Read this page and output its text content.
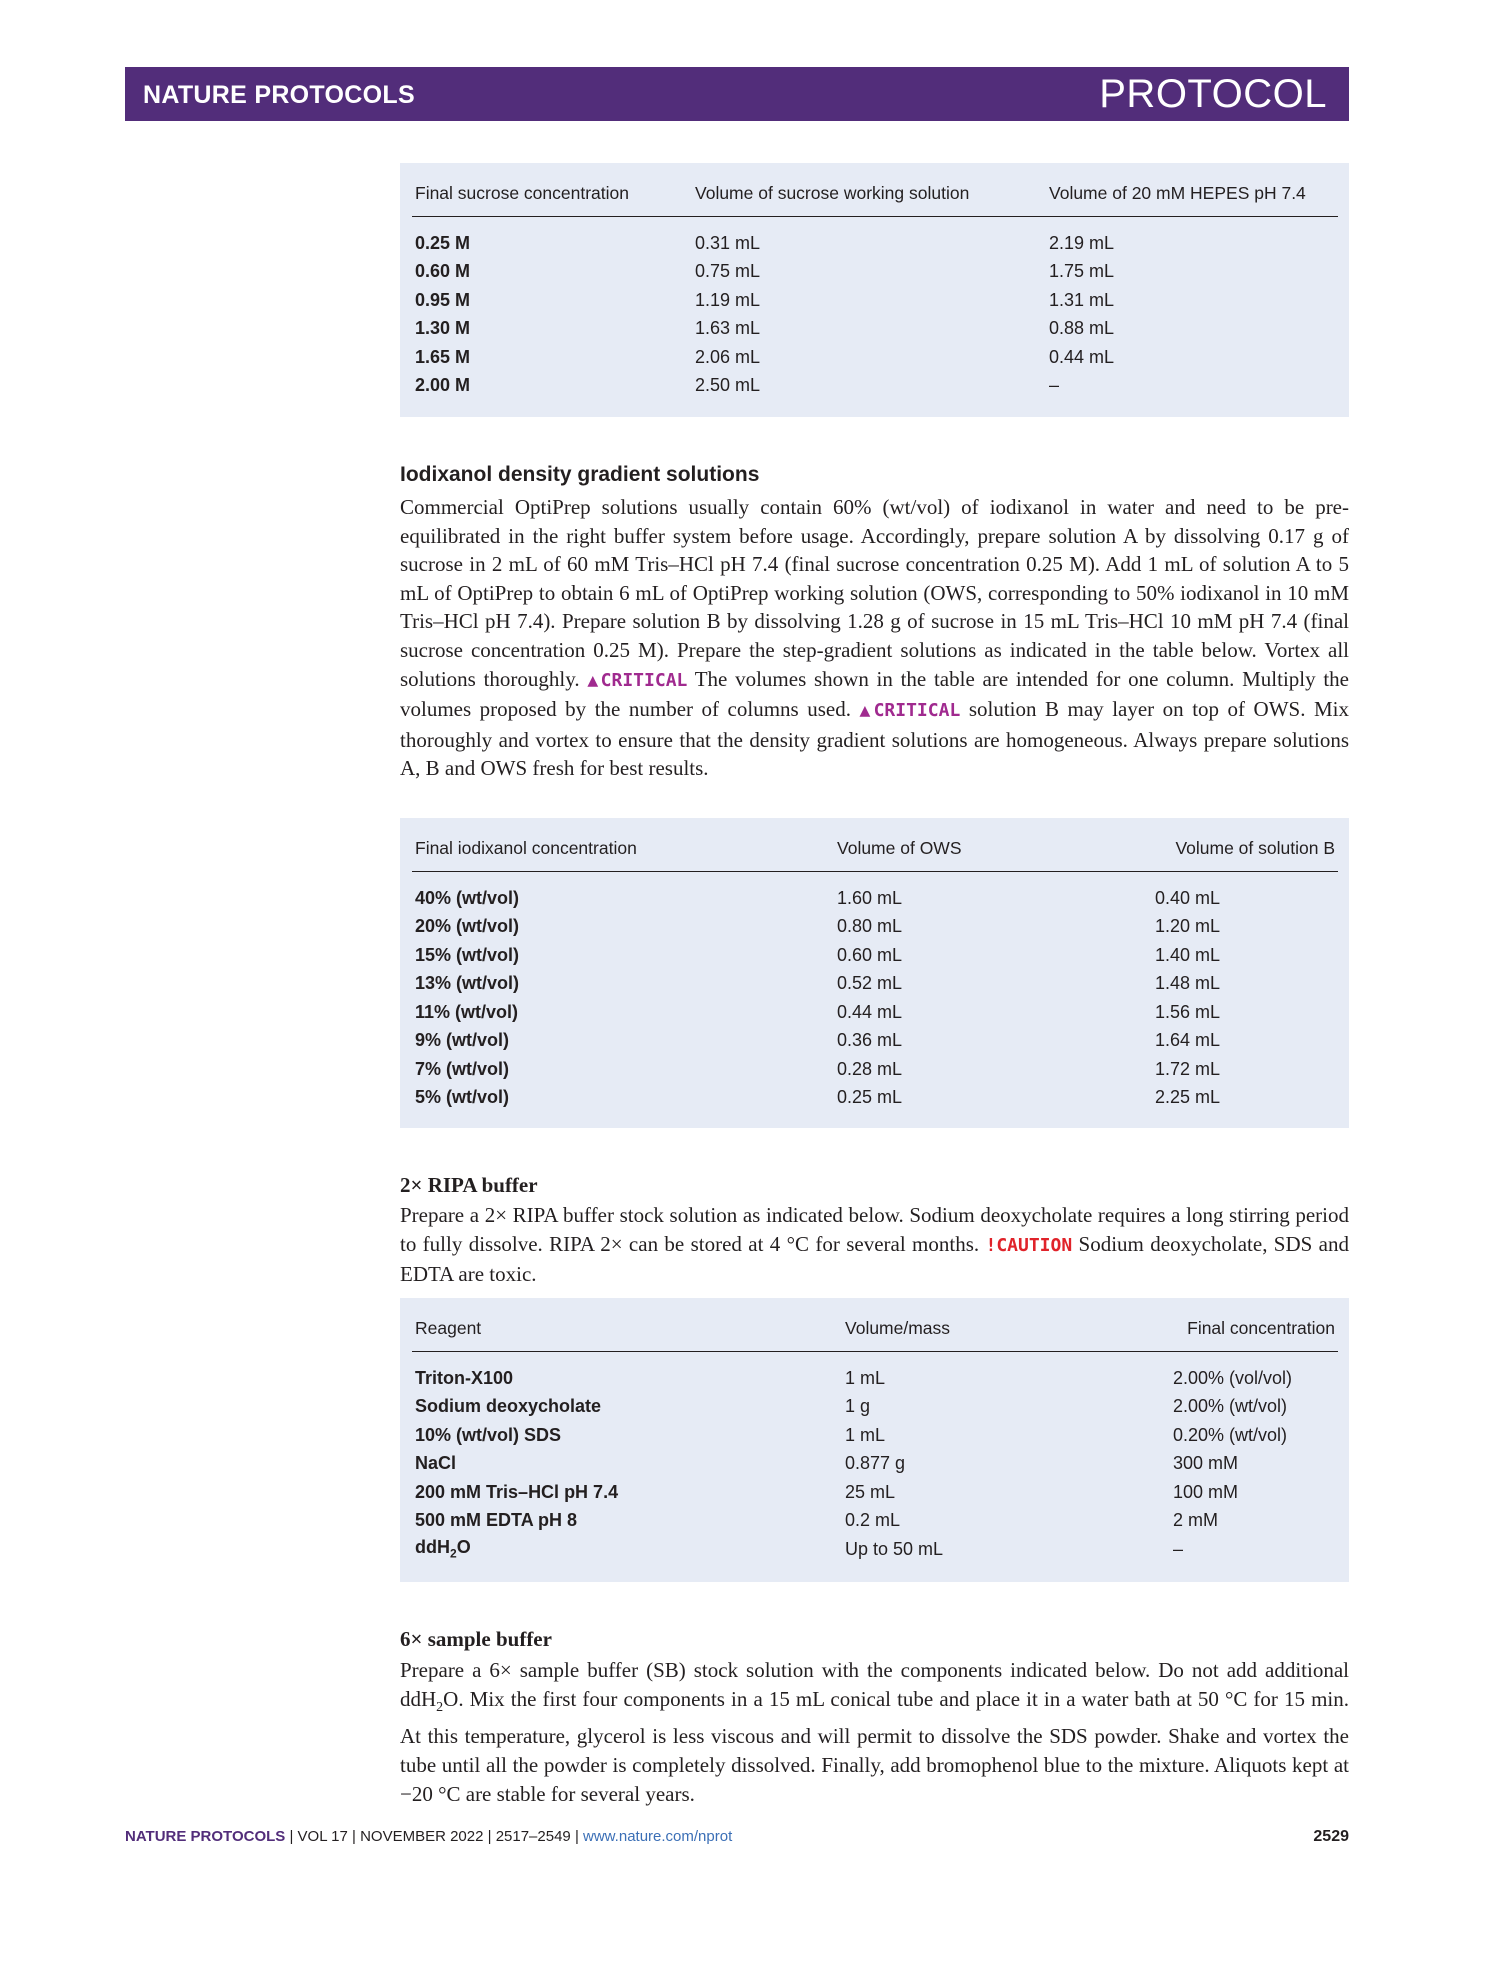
NATURE PROTOCOLS	PROTOCOL
Final sucrose concentration	Volume of sucrose working solution	Volume of 20 mM HEPES pH 7.4
0.25 M	0.31 mL	2.19 mL
0.60 M	0.75 mL	1.75 mL
0.95 M	1.19 mL	1.31 mL
1.30 M	1.63 mL	0.88 mL
1.65 M	2.06 mL	0.44 mL
2.00 M	2.50 mL	–
Iodixanol density gradient solutions
Commercial OptiPrep solutions usually contain 60% (wt/vol) of iodixanol in water and need to be pre-equilibrated in the right buffer system before usage. Accordingly, prepare solution A by dissolving 0.17 g of sucrose in 2 mL of 60 mM Tris–HCl pH 7.4 (final sucrose concentration 0.25 M). Add 1 mL of solution A to 5 mL of OptiPrep to obtain 6 mL of OptiPrep working solution (OWS, corresponding to 50% iodixanol in 10 mM Tris–HCl pH 7.4). Prepare solution B by dissolving 1.28 g of sucrose in 15 mL Tris–HCl 10 mM pH 7.4 (final sucrose concentration 0.25 M). Prepare the step-gradient solutions as indicated in the table below. Vortex all solutions thoroughly. ▲CRITICAL The volumes shown in the table are intended for one column. Multiply the volumes proposed by the number of columns used. ▲CRITICAL solution B may layer on top of OWS. Mix thoroughly and vortex to ensure that the density gradient solutions are homogeneous. Always prepare solutions A, B and OWS fresh for best results.
Final iodixanol concentration	Volume of OWS	Volume of solution B
40% (wt/vol)	1.60 mL	0.40 mL
20% (wt/vol)	0.80 mL	1.20 mL
15% (wt/vol)	0.60 mL	1.40 mL
13% (wt/vol)	0.52 mL	1.48 mL
11% (wt/vol)	0.44 mL	1.56 mL
9% (wt/vol)	0.36 mL	1.64 mL
7% (wt/vol)	0.28 mL	1.72 mL
5% (wt/vol)	0.25 mL	2.25 mL
2× RIPA buffer
Prepare a 2× RIPA buffer stock solution as indicated below. Sodium deoxycholate requires a long stirring period to fully dissolve. RIPA 2× can be stored at 4 °C for several months. !CAUTION Sodium deoxycholate, SDS and EDTA are toxic.
Reagent	Volume/mass	Final concentration
Triton-X100	1 mL	2.00% (vol/vol)
Sodium deoxycholate	1 g	2.00% (wt/vol)
10% (wt/vol) SDS	1 mL	0.20% (wt/vol)
NaCl	0.877 g	300 mM
200 mM Tris–HCl pH 7.4	25 mL	100 mM
500 mM EDTA pH 8	0.2 mL	2 mM
ddH$_2$O	Up to 50 mL	–
6× sample buffer
Prepare a 6× sample buffer (SB) stock solution with the components indicated below. Do not add additional ddH$_2$O. Mix the first four components in a 15 mL conical tube and place it in a water bath at 50 °C for 15 min. At this temperature, glycerol is less viscous and will permit to dissolve the SDS powder. Shake and vortex the tube until all the powder is completely dissolved. Finally, add bromophenol blue to the mixture. Aliquots kept at −20 °C are stable for several years.
NATURE PROTOCOLS | VOL 17 | NOVEMBER 2022 | 2517–2549 | www.nature.com/nprot	2529
